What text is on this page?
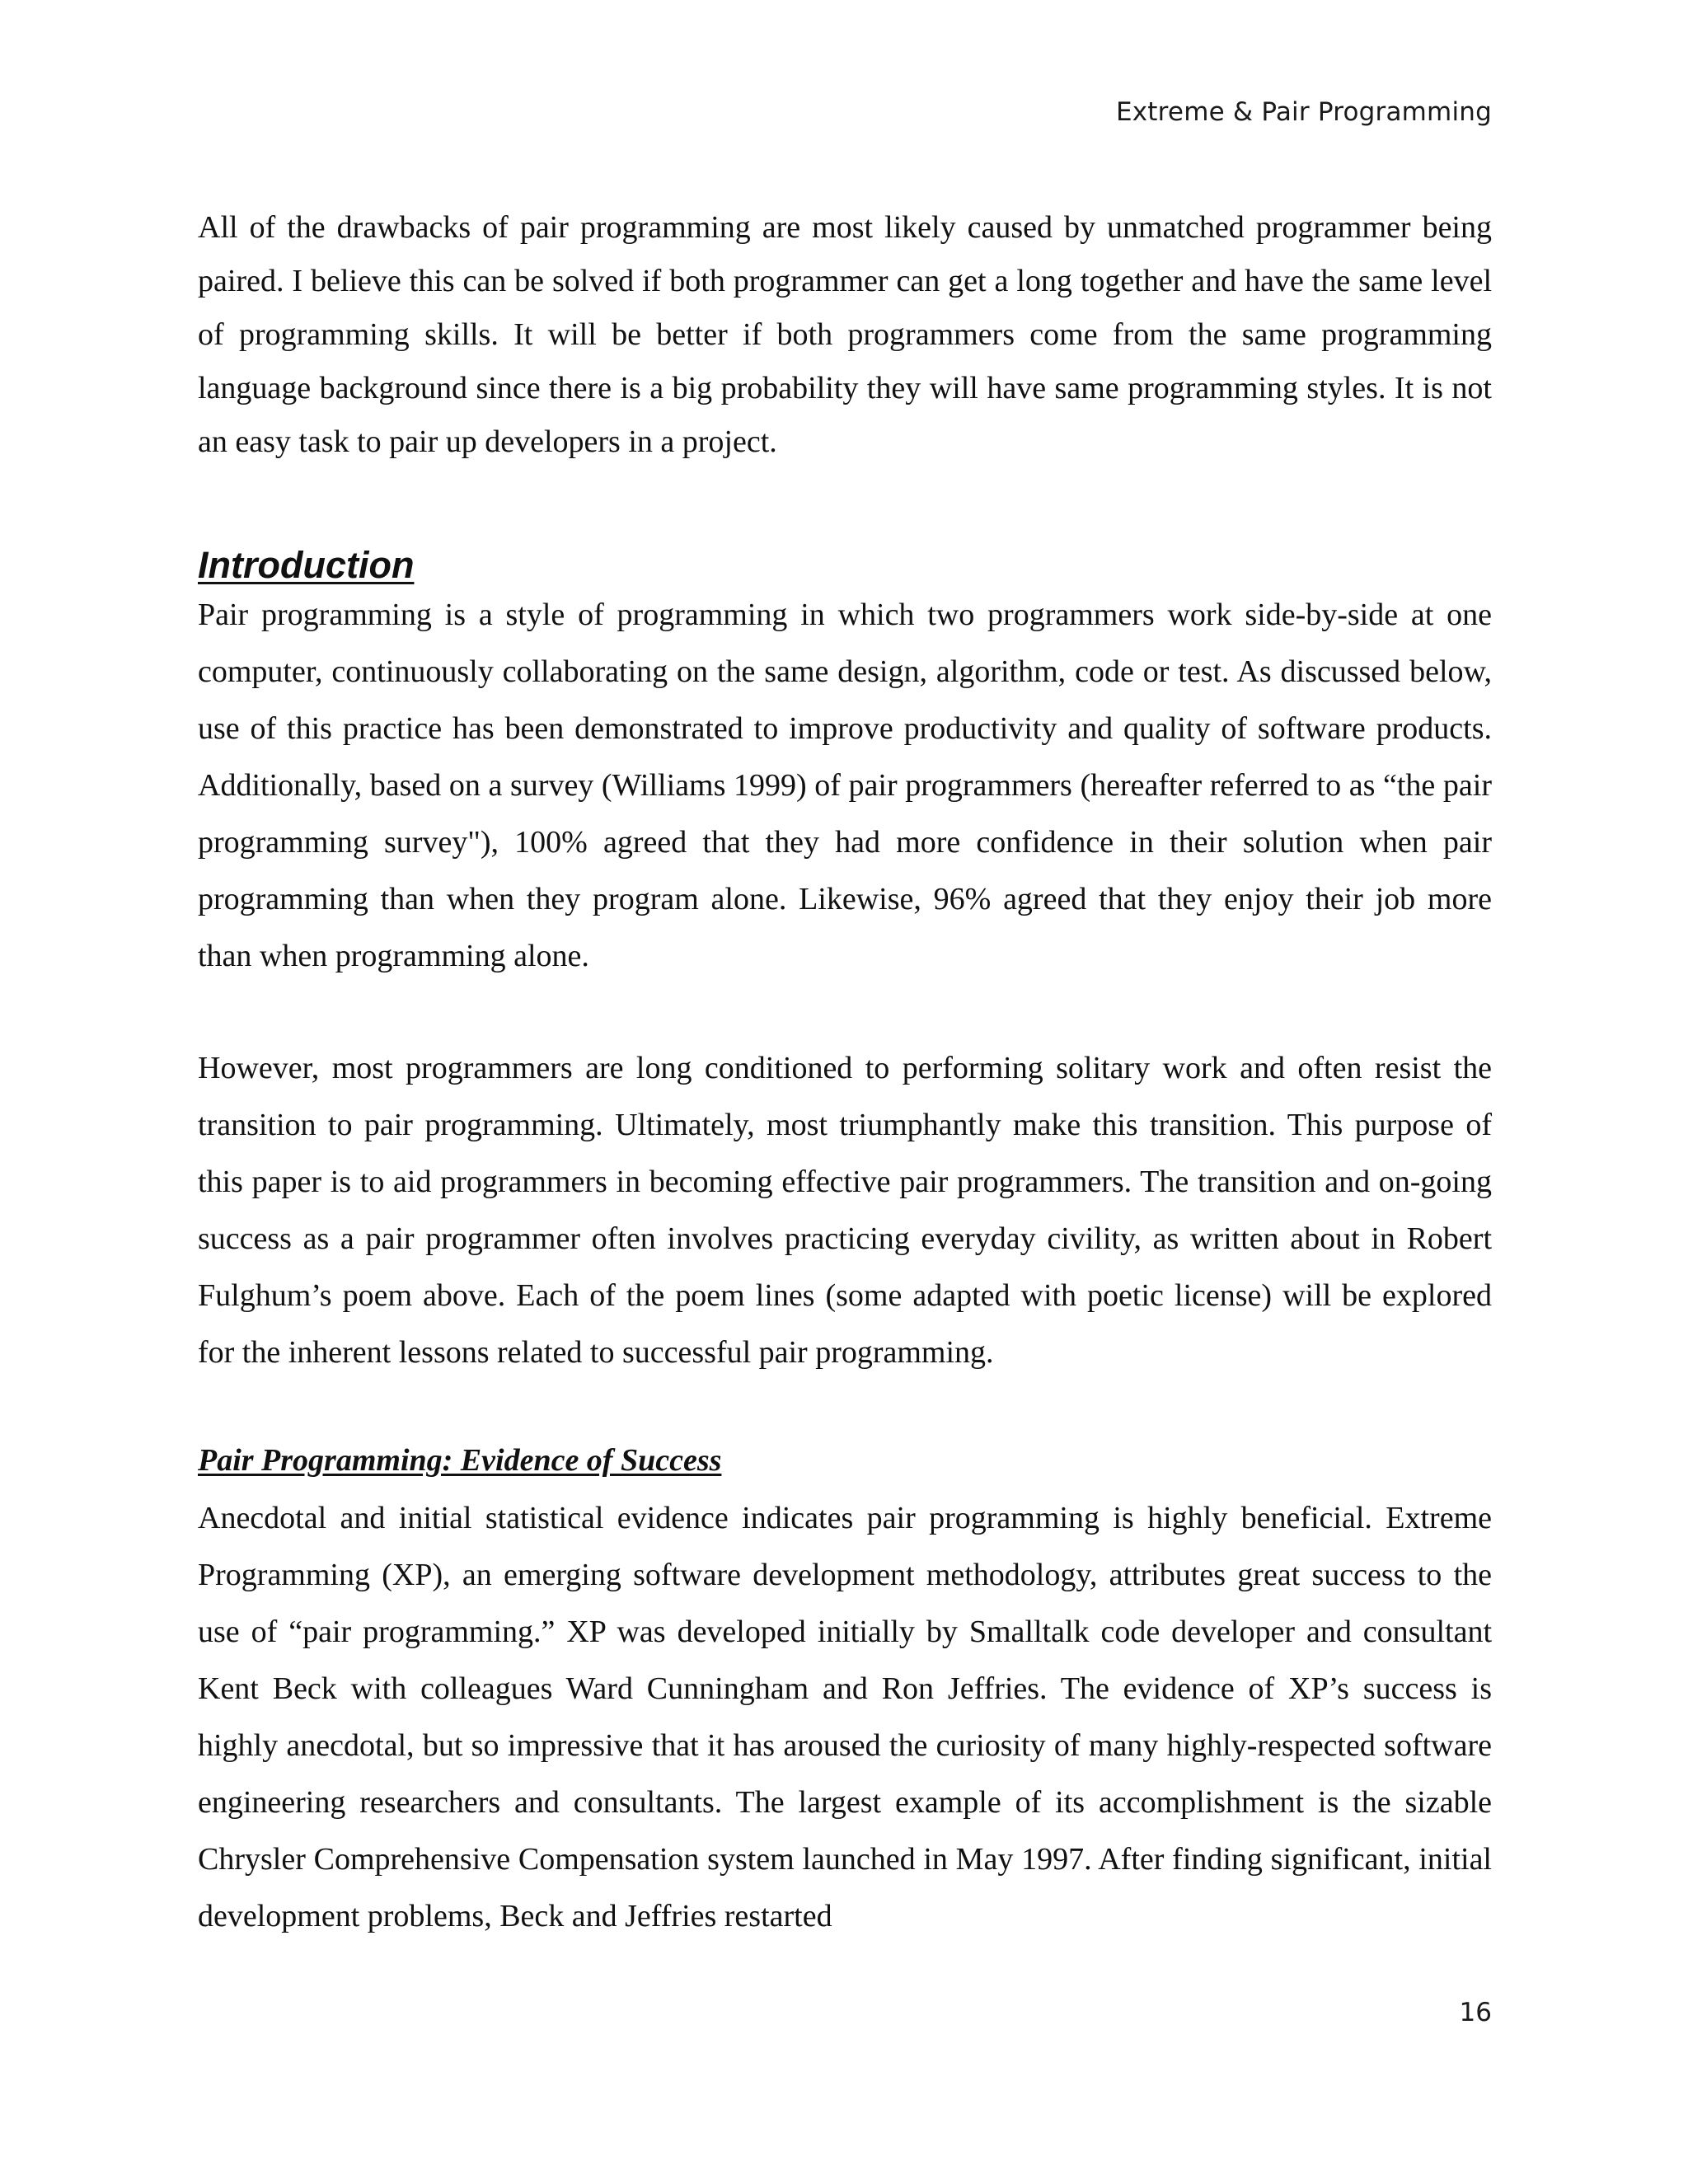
Extreme & Pair Programming

All of the drawbacks of pair programming are most likely caused by unmatched programmer being paired. I believe this can be solved if both programmer can get a long together and have the same level of programming skills. It will be better if both programmers come from the same programming language background since there is a big probability they will have same programming styles. It is not an easy task to pair up developers in a project.

Introduction

Pair programming is a style of programming in which two programmers work side-by-side at one computer, continuously collaborating on the same design, algorithm, code or test. As discussed below, use of this practice has been demonstrated to improve productivity and quality of software products. Additionally, based on a survey (Williams 1999) of pair programmers (hereafter referred to as “the pair programming survey"), 100% agreed that they had more confidence in their solution when pair programming than when they program alone. Likewise, 96% agreed that they enjoy their job more than when programming alone.

However, most programmers are long conditioned to performing solitary work and often resist the transition to pair programming. Ultimately, most triumphantly make this transition. This purpose of this paper is to aid programmers in becoming effective pair programmers. The transition and on-going success as a pair programmer often involves practicing everyday civility, as written about in Robert Fulghum’s poem above. Each of the poem lines (some adapted with poetic license) will be explored for the inherent lessons related to successful pair programming.

Pair Programming: Evidence of Success

Anecdotal and initial statistical evidence indicates pair programming is highly beneficial. Extreme Programming (XP), an emerging software development methodology, attributes great success to the use of “pair programming.” XP was developed initially by Smalltalk code developer and consultant Kent Beck with colleagues Ward Cunningham and Ron Jeffries. The evidence of XP’s success is highly anecdotal, but so impressive that it has aroused the curiosity of many highly-respected software engineering researchers and consultants. The largest example of its accomplishment is the sizable Chrysler Comprehensive Compensation system launched in May 1997. After finding significant, initial development problems, Beck and Jeffries restarted

16
